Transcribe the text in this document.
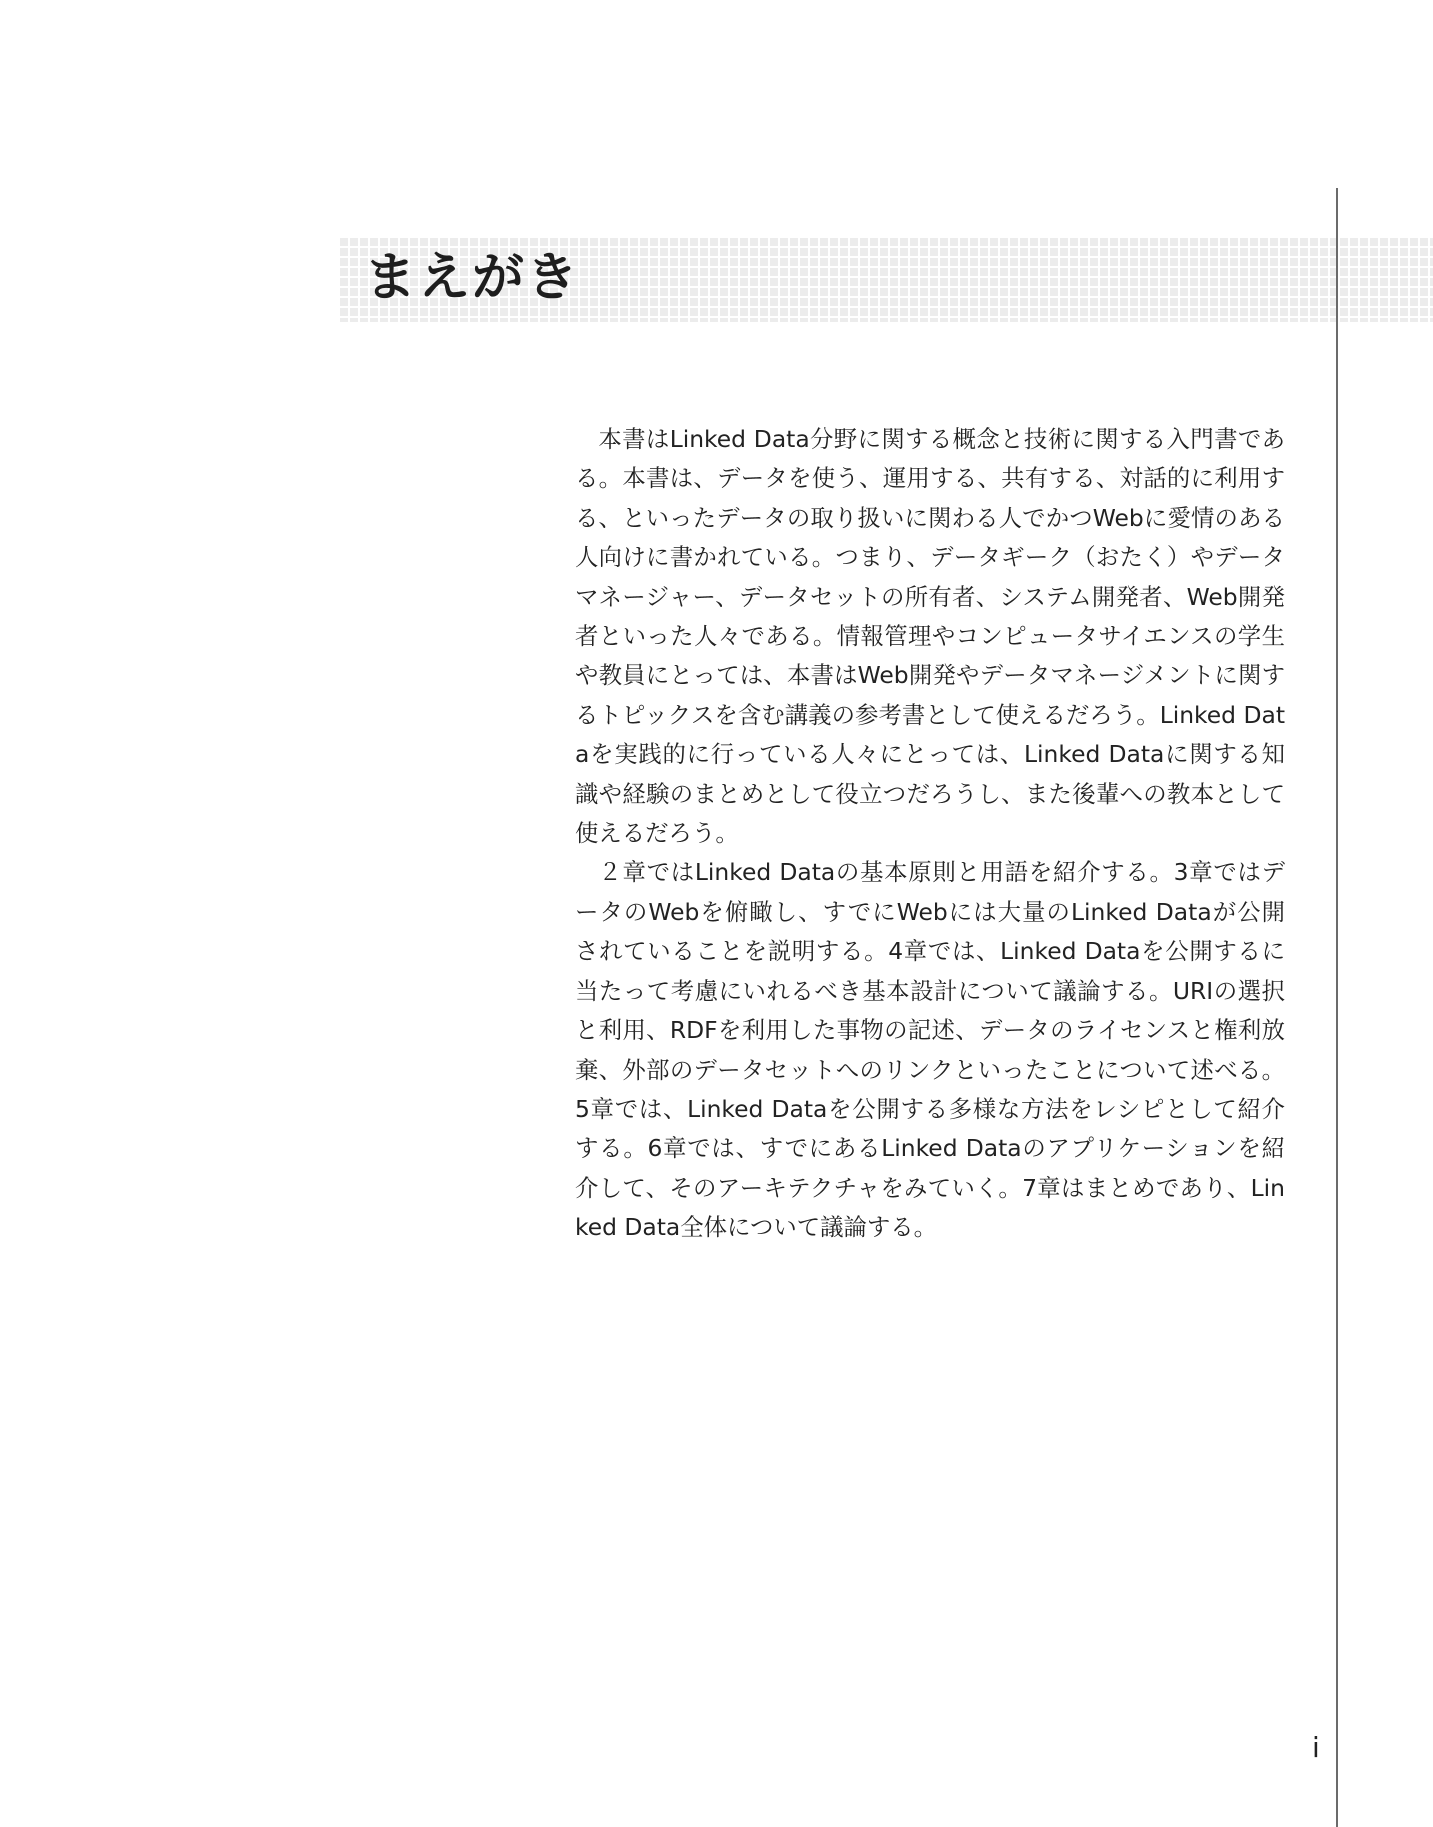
まえがき

本書はLinked Data分野に関する概念と技術に関する入門書である。本書は、データを使う、運用する、共有する、対話的に利用する、といったデータの取り扱いに関わる人でかつWebに愛情のある人向けに書かれている。つまり、データギーク（おたく）やデータマネージャー、データセットの所有者、システム開発者、Web開発者といった人々である。情報管理やコンピュータサイエンスの学生や教員にとっては、本書はWeb開発やデータマネージメントに関するトピックスを含む講義の参考書として使えるだろう。Linked Dataを実践的に行っている人々にとっては、Linked Dataに関する知識や経験のまとめとして役立つだろうし、また後輩への教本として使えるだろう。

２章ではLinked Dataの基本原則と用語を紹介する。3章ではデータのWebを俯瞰し、すでにWebには大量のLinked Dataが公開されていることを説明する。4章では、Linked Dataを公開するに当たって考慮にいれるべき基本設計について議論する。URIの選択と利用、RDFを利用した事物の記述、データのライセンスと権利放棄、外部のデータセットへのリンクといったことについて述べる。5章では、Linked Dataを公開する多様な方法をレシピとして紹介する。6章では、すでにあるLinked Dataのアプリケーションを紹介して、そのアーキテクチャをみていく。7章はまとめであり、Linked Data全体について議論する。

i
